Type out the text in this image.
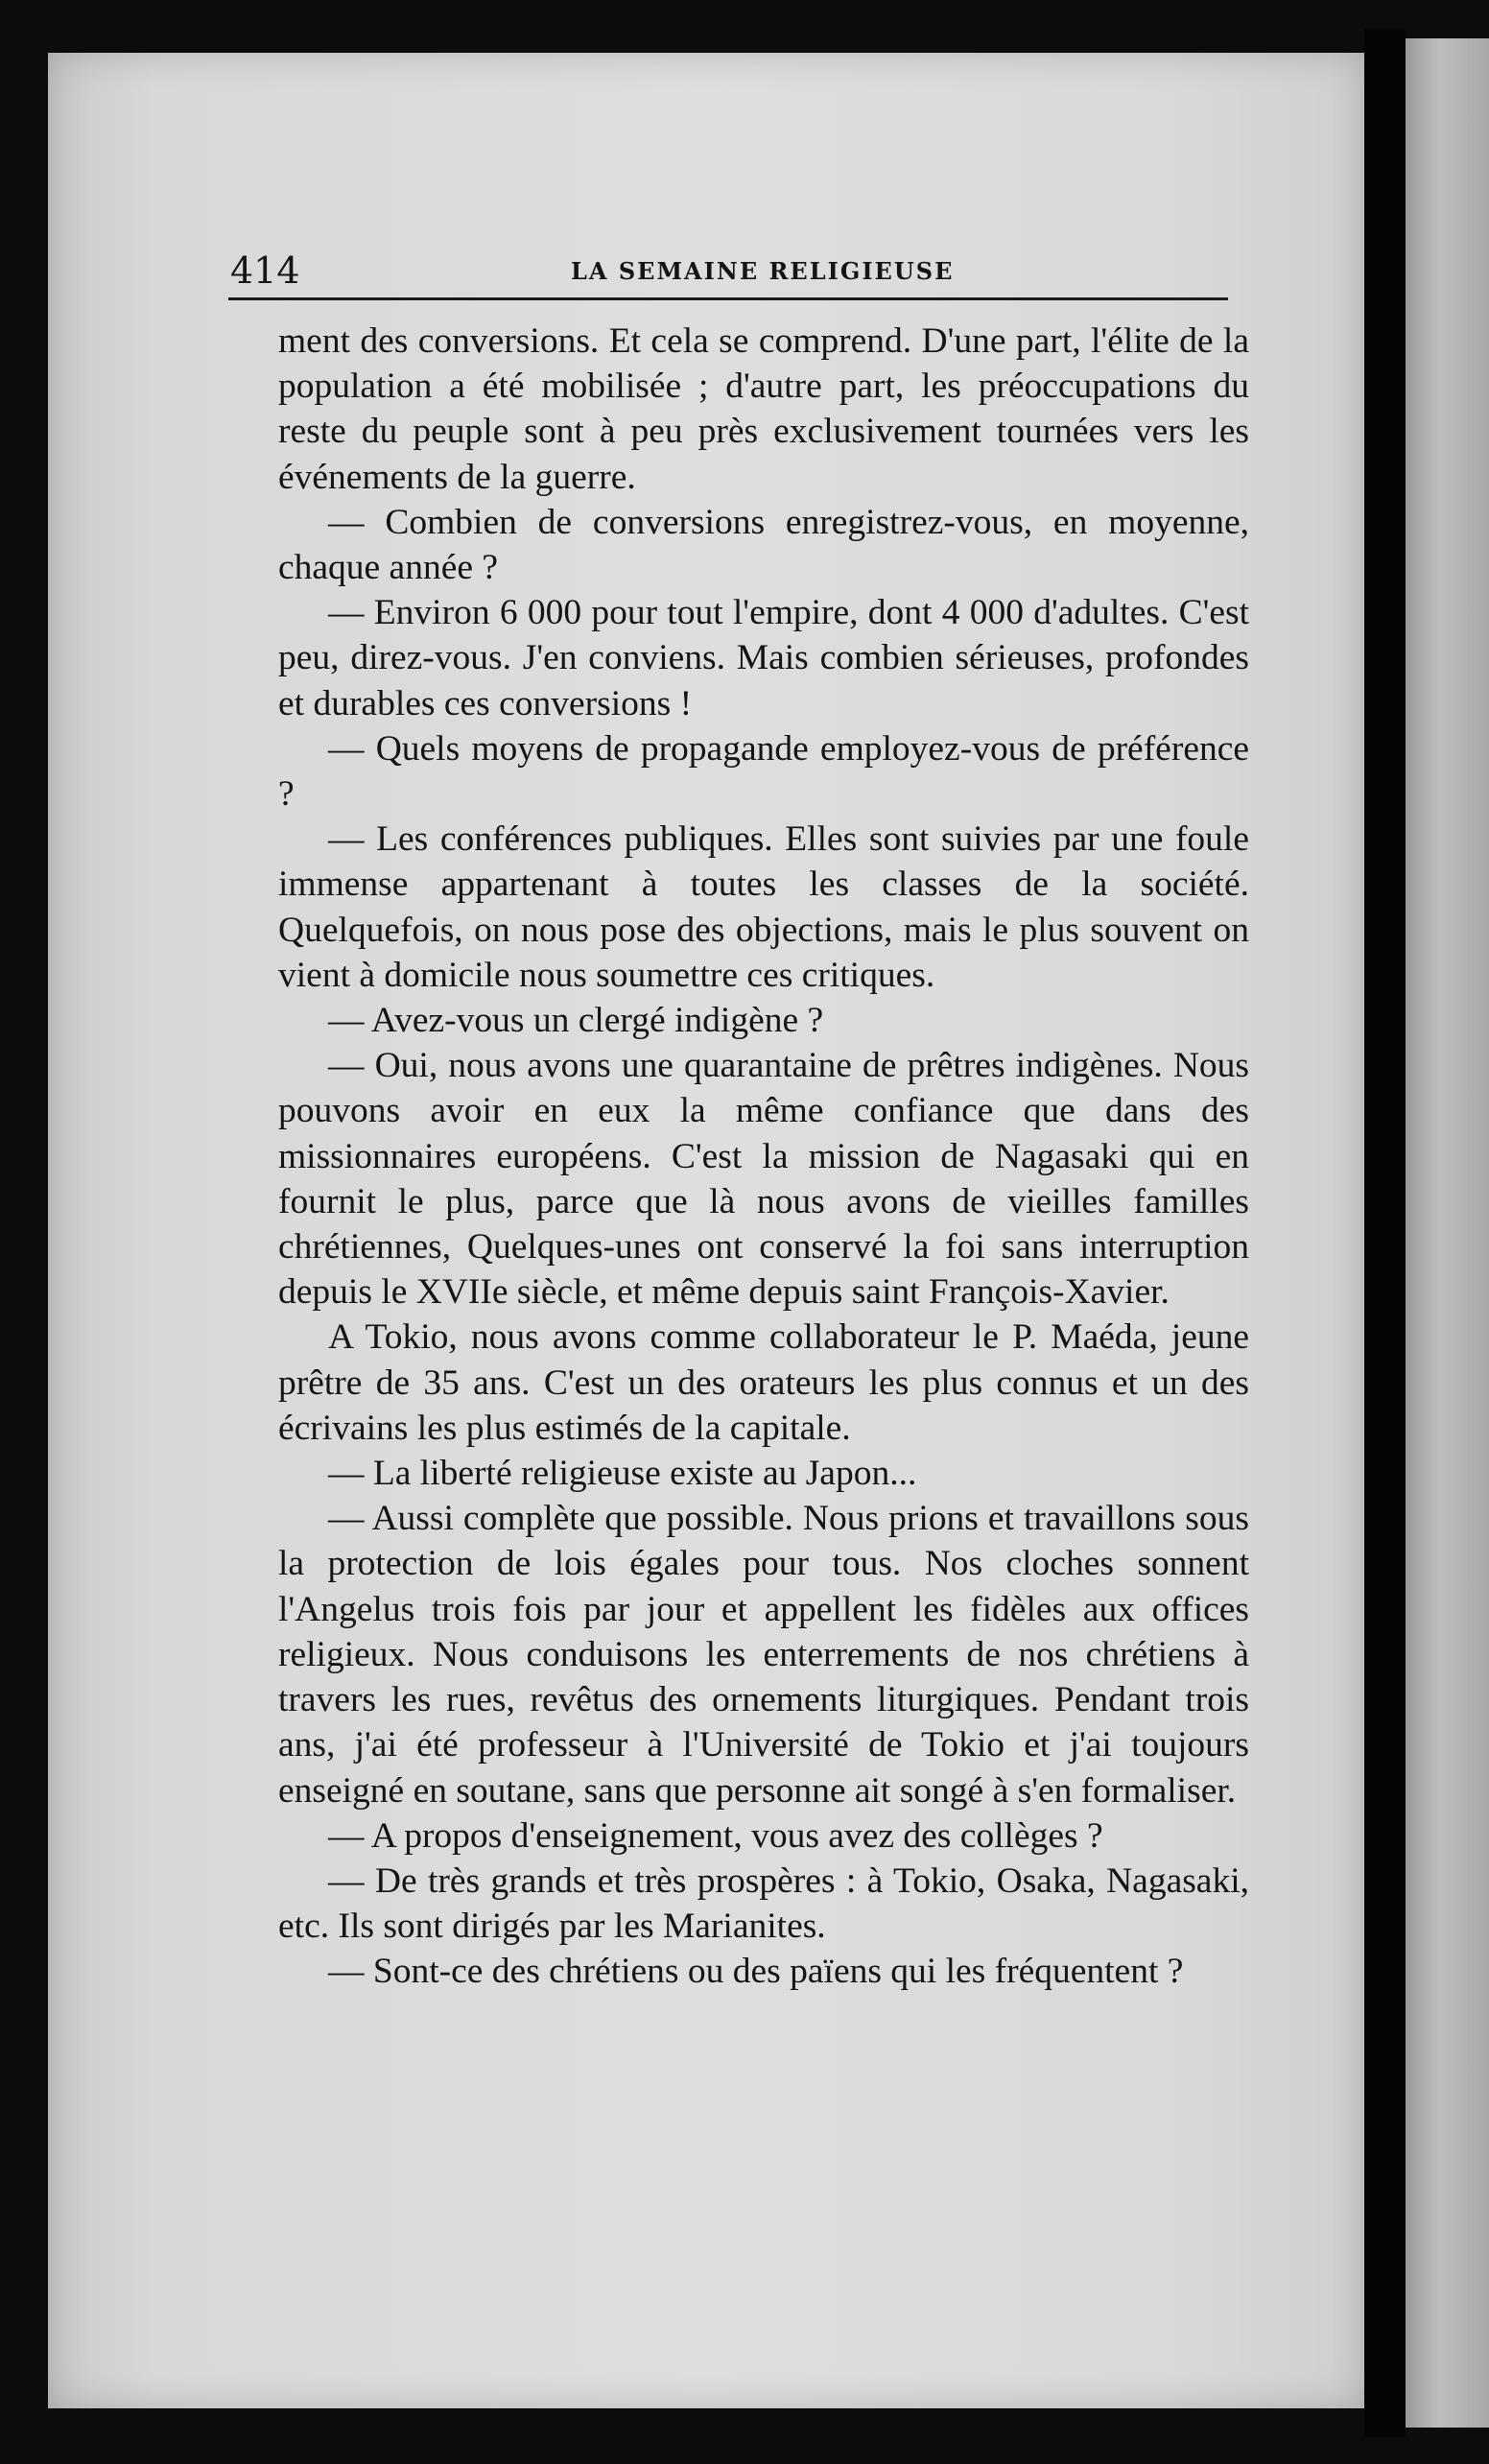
414	LA SEMAINE RELIGIEUSE

ment des conversions. Et cela se comprend. D'une part, l'élite de la population a été mobilisée ; d'autre part, les préoccupations du reste du peuple sont à peu près exclusivement tournées vers les événements de la guerre.

— Combien de conversions enregistrez-vous, en moyenne, chaque année ?

— Environ 6 000 pour tout l'empire, dont 4 000 d'adultes. C'est peu, direz-vous. J'en conviens. Mais combien sérieuses, profondes et durables ces conversions !

— Quels moyens de propagande employez-vous de préférence ?

— Les conférences publiques. Elles sont suivies par une foule immense appartenant à toutes les classes de la société. Quelquefois, on nous pose des objections, mais le plus souvent on vient à domicile nous soumettre ces critiques.

— Avez-vous un clergé indigène ?

— Oui, nous avons une quarantaine de prêtres indigènes. Nous pouvons avoir en eux la même confiance que dans des missionnaires européens. C'est la mission de Nagasaki qui en fournit le plus, parce que là nous avons de vieilles familles chrétiennes, Quelques-unes ont conservé la foi sans interruption depuis le XVIIe siècle, et même depuis saint François-Xavier.

A Tokio, nous avons comme collaborateur le P. Maéda, jeune prêtre de 35 ans. C'est un des orateurs les plus connus et un des écrivains les plus estimés de la capitale.

— La liberté religieuse existe au Japon...

— Aussi complète que possible. Nous prions et travaillons sous la protection de lois égales pour tous. Nos cloches sonnent l'Angelus trois fois par jour et appellent les fidèles aux offices religieux. Nous conduisons les enterrements de nos chrétiens à travers les rues, revêtus des ornements liturgiques. Pendant trois ans, j'ai été professeur à l'Université de Tokio et j'ai toujours enseigné en soutane, sans que personne ait songé à s'en formaliser.

— A propos d'enseignement, vous avez des collèges ?

— De très grands et très prospères : à Tokio, Osaka, Nagasaki, etc. Ils sont dirigés par les Marianites.

— Sont-ce des chrétiens ou des païens qui les fréquentent ?
